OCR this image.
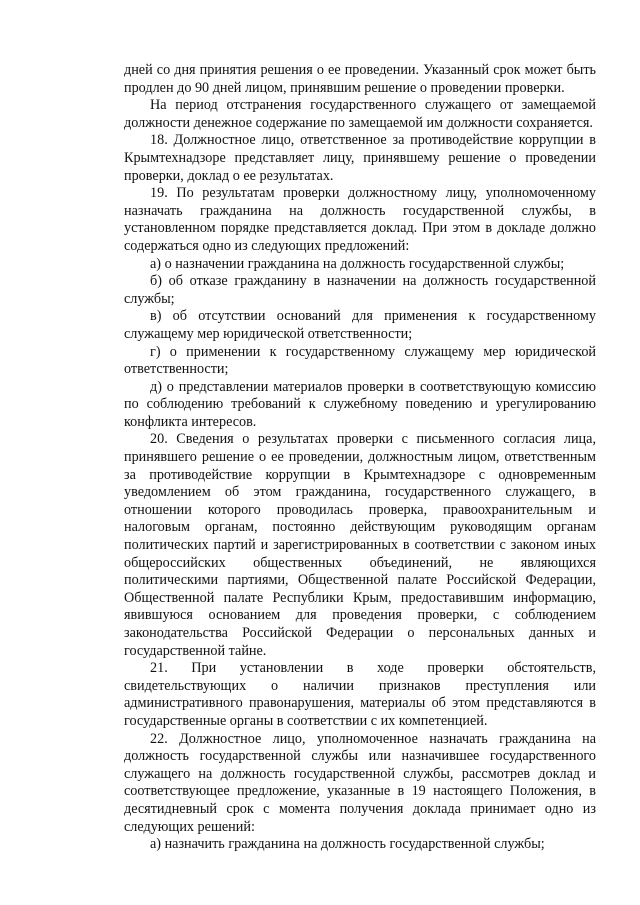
дней со дня принятия решения о ее проведении. Указанный срок может быть продлен до 90 дней лицом, принявшим решение о проведении проверки.

На период отстранения государственного служащего от замещаемой должности денежное содержание по замещаемой им должности сохраняется.

18. Должностное лицо, ответственное за противодействие коррупции в Крымтехнадзоре представляет лицу, принявшему решение о проведении проверки, доклад о ее результатах.

19. По результатам проверки должностному лицу, уполномоченному назначать гражданина на должность государственной службы, в установленном порядке представляется доклад. При этом в докладе должно содержаться одно из следующих предложений:

а) о назначении гражданина на должность государственной службы;

б) об отказе гражданину в назначении на должность государственной службы;

в) об отсутствии оснований для применения к государственному служащему мер юридической ответственности;

г) о применении к государственному служащему мер юридической ответственности;

д) о представлении материалов проверки в соответствующую комиссию по соблюдению требований к служебному поведению и урегулированию конфликта интересов.

20. Сведения о результатах проверки с письменного согласия лица, принявшего решение о ее проведении, должностным лицом, ответственным за противодействие коррупции в Крымтехнадзоре с одновременным уведомлением об этом гражданина, государственного служащего, в отношении которого проводилась проверка, правоохранительным и налоговым органам, постоянно действующим руководящим органам политических партий и зарегистрированных в соответствии с законом иных общероссийских общественных объединений, не являющихся политическими партиями, Общественной палате Российской Федерации, Общественной палате Республики Крым, предоставившим информацию, явившуюся основанием для проведения проверки, с соблюдением законодательства Российской Федерации о персональных данных и государственной тайне.

21. При установлении в ходе проверки обстоятельств, свидетельствующих о наличии признаков преступления или административного правонарушения, материалы об этом представляются в государственные органы в соответствии с их компетенцией.

22. Должностное лицо, уполномоченное назначать гражданина на должность государственной службы или назначившее государственного служащего на должность государственной службы, рассмотрев доклад и соответствующее предложение, указанные в 19 настоящего Положения, в десятидневный срок с момента получения доклада принимает одно из следующих решений:

а) назначить гражданина на должность государственной службы;
